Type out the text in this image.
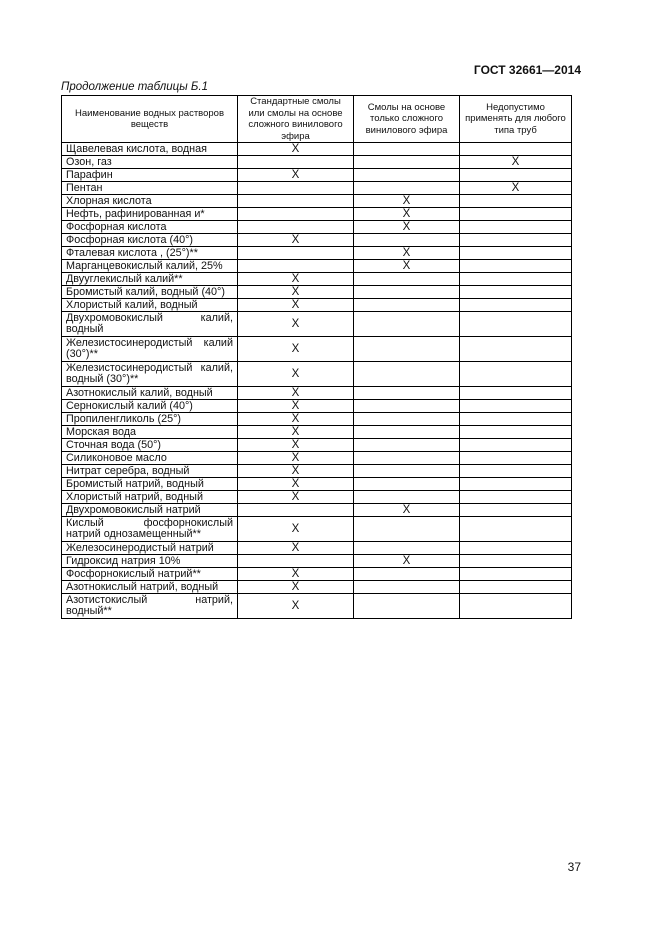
ГОСТ 32661—2014
Продолжение таблицы Б.1
Наименование водных растворов веществ	Стандартные смолы или смолы на основе сложного винилового эфира	Смолы на основе только сложного винилового эфира	Недопустимо применять для любого типа труб
Щавелевая кислота, водная	X		
Озон, газ			X
Парафин	X		
Пентан			X
Хлорная кислота		X	
Нефть, рафинированная и*		X	
Фосфорная кислота		X	
Фосфорная кислота (40°)	X		
Фталевая кислота , (25°)**		X	
Марганцевокислый калий, 25%		X	
Двууглекислый калий**	X		
Бромистый калий, водный (40°)	X		
Хлористый калий, водный	X		
Двухромовокислый калий, водный	X		
Железистосинеродистый калий (30°)**	X		
Железистосинеродистый калий, водный (30°)**	X		
Азотнокислый калий, водный	X		
Сернокислый калий (40°)	X		
Пропиленгликоль (25°)	X		
Морская вода	X		
Сточная вода (50°)	X		
Силиконовое масло	X		
Нитрат серебра, водный	X		
Бромистый натрий, водный	X		
Хлористый натрий, водный	X		
Двухромовокислый натрий		X	
Кислый фосфорнокислый натрий однозамещенный**	X		
Железосинеродистый натрий	X		
Гидроксид натрия 10%		X	
Фосфорнокислый натрий**	X		
Азотнокислый натрий, водный	X		
Азотистокислый натрий, водный**	X		
37
